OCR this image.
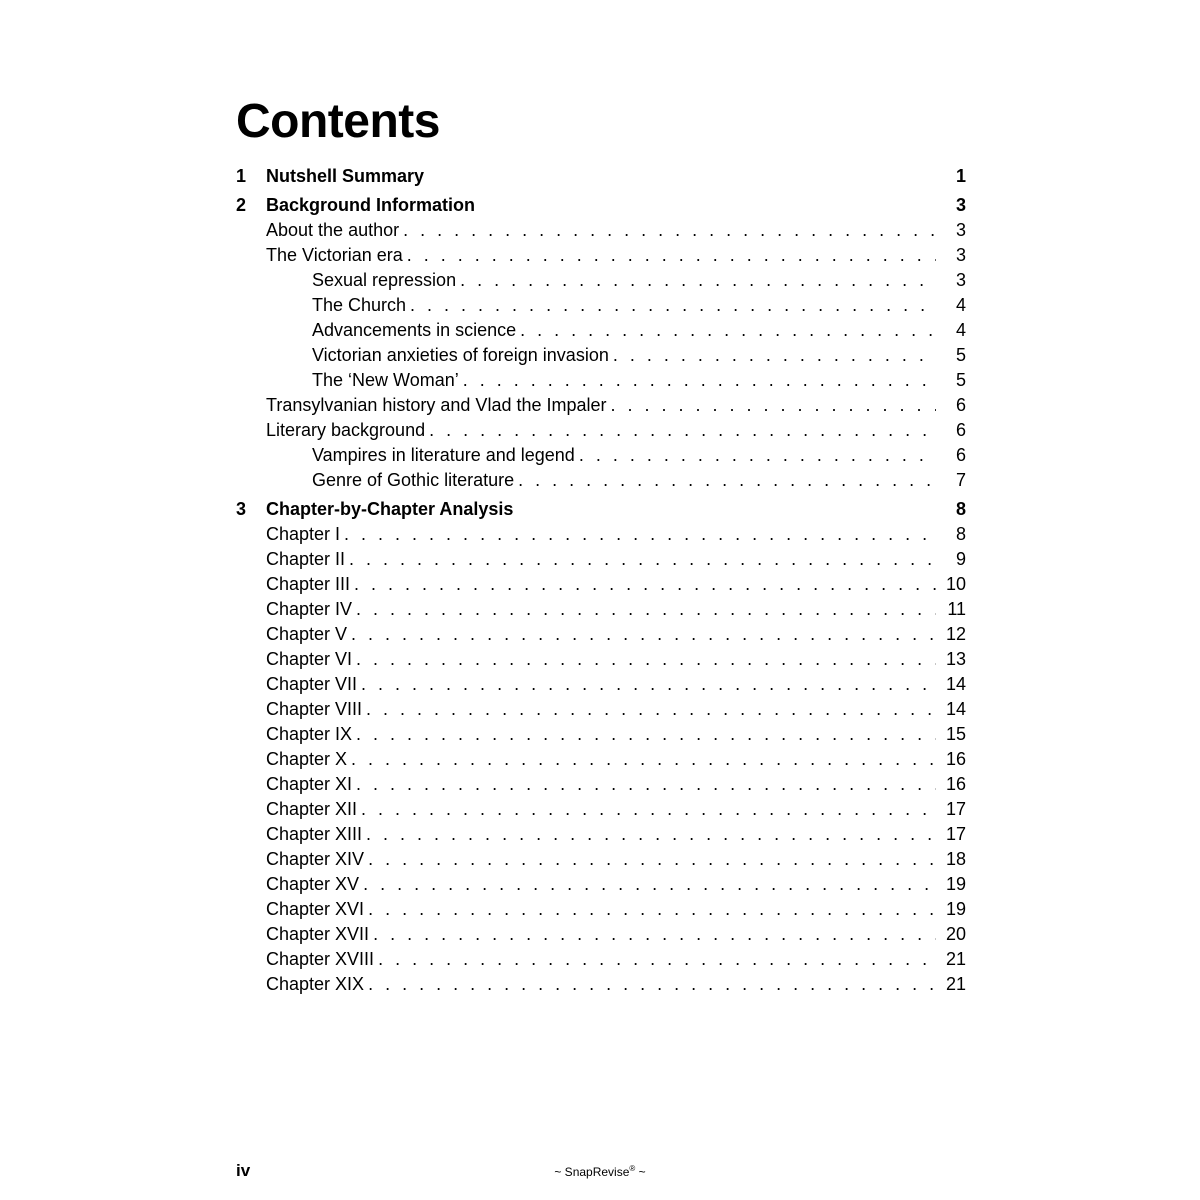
Contents
1	Nutshell Summary	1
2	Background Information	3
About the author . . .	3
The Victorian era . . .	3
Sexual repression . . .	3
The Church . . .	4
Advancements in science . . .	4
Victorian anxieties of foreign invasion . . .	5
The ‘New Woman’ . . .	5
Transylvanian history and Vlad the Impaler . . .	6
Literary background . . .	6
Vampires in literature and legend . . .	6
Genre of Gothic literature . . .	7
3	Chapter-by-Chapter Analysis	8
Chapter I . . .	8
Chapter II . . .	9
Chapter III . . .	10
Chapter IV . . .	11
Chapter V . . .	12
Chapter VI . . .	13
Chapter VII . . .	14
Chapter VIII . . .	14
Chapter IX . . .	15
Chapter X . . .	16
Chapter XI . . .	16
Chapter XII . . .	17
Chapter XIII . . .	17
Chapter XIV . . .	18
Chapter XV . . .	19
Chapter XVI . . .	19
Chapter XVII . . .	20
Chapter XVIII . . .	21
Chapter XIX . . .	21
iv	~ SnapRevise® ~
